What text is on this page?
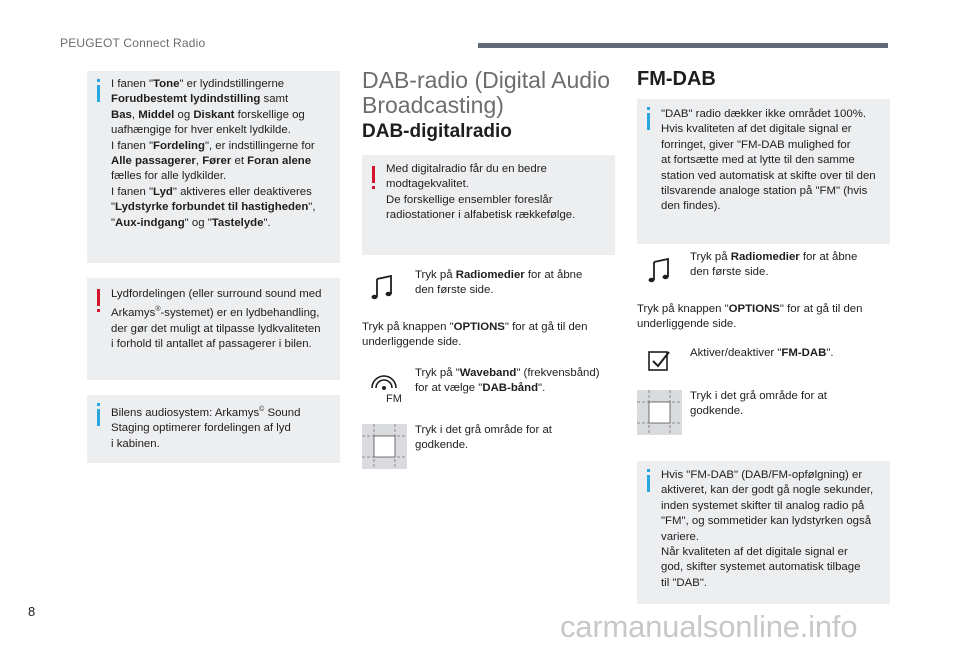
PEUGEOT Connect Radio

I fanen "Tone" er lydindstillingerne

Forudbestemt lydindstilling samt

Bas, Middel og Diskant forskellige og

uafhængige for hver enkelt lydkilde.

I fanen "Fordeling", er indstillingerne for

Alle passagerer, Fører et Foran alene

fælles for alle lydkilder.

I fanen "Lyd" aktiveres eller deaktiveres

"Lydstyrke forbundet til hastigheden",

"Aux-indgang" og "Tastelyde".

Lydfordelingen (eller surround sound med

Arkamys®-systemet) er en lydbehandling,

der gør det muligt at tilpasse lydkvaliteten

i forhold til antallet af passagerer i bilen.

Bilens audiosystem: Arkamys© Sound

Staging optimerer fordelingen af lyd

i kabinen.

DAB-radio (Digital Audio
Broadcasting)
DAB-digitalradio

Med digitalradio får du en bedre

modtagekvalitet.

De forskellige ensembler foreslår

radiostationer i alfabetisk rækkefølge.

Tryk på Radiomedier for at åbne

den første side.

Tryk på knappen "OPTIONS" for at gå til den

underliggende side.

FM

Tryk på "Waveband" (frekvensbånd)

for at vælge "DAB-bånd".

Tryk i det grå område for at

godkende.

FM-DAB

"DAB" radio dækker ikke området 100%.

Hvis kvaliteten af det digitale signal er

forringet, giver "FM-DAB mulighed for

at fortsætte med at lytte til den samme

station ved automatisk at skifte over til den

tilsvarende analoge station på "FM" (hvis

den findes).

Tryk på Radiomedier for at åbne

den første side.

Tryk på knappen "OPTIONS" for at gå til den

underliggende side.

Aktiver/deaktiver "FM-DAB".

Tryk i det grå område for at

godkende.

Hvis "FM-DAB" (DAB/FM-opfølgning) er

aktiveret, kan der godt gå nogle sekunder,

inden systemet skifter til analog radio på

"FM", og sommetider kan lydstyrken også

variere.

Når kvaliteten af det digitale signal er

god, skifter systemet automatisk tilbage

til "DAB".

8	carmanualsonline.info
